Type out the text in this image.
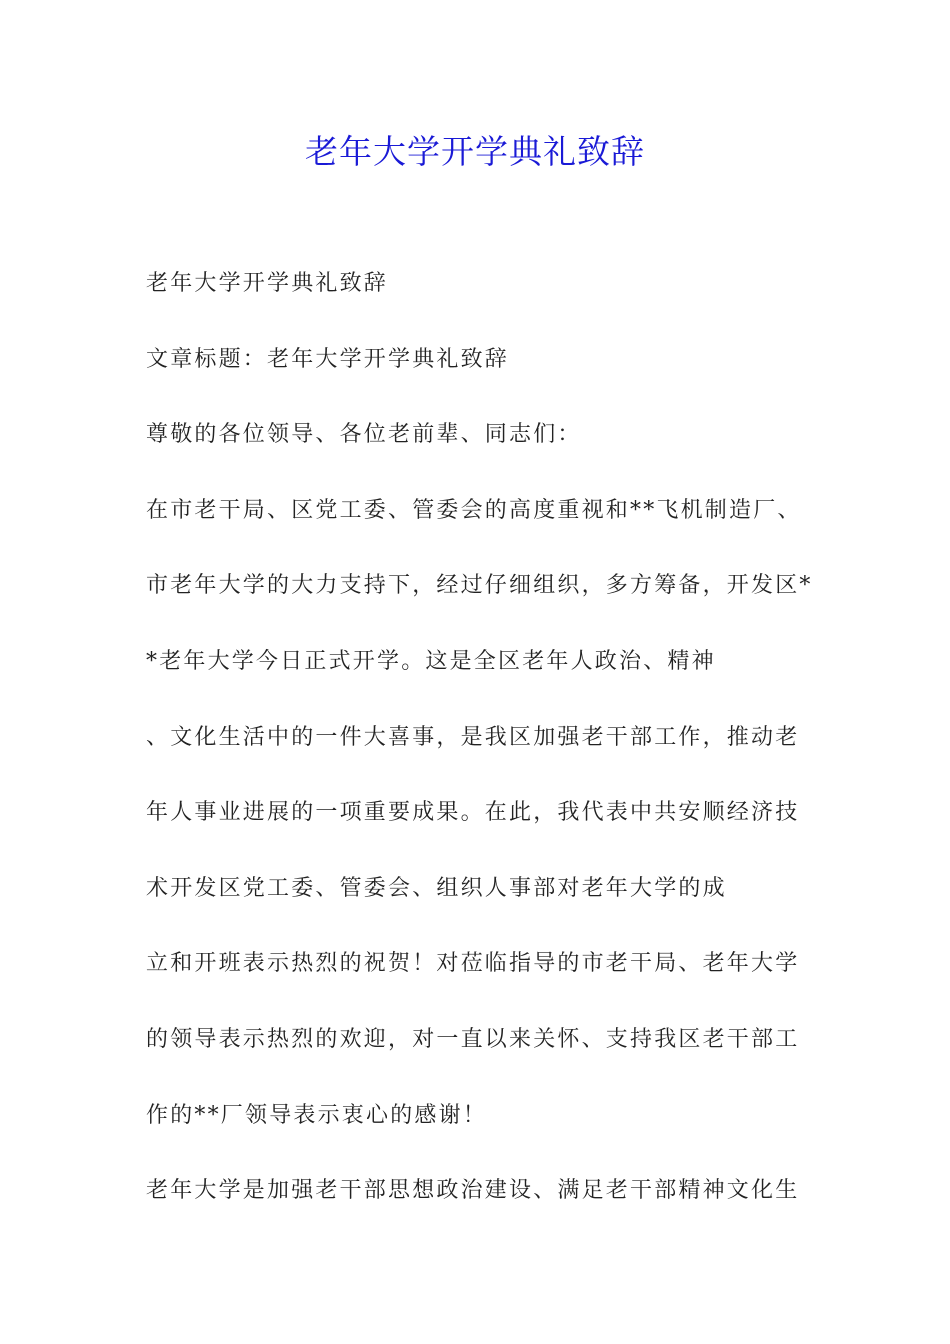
老年大学开学典礼致辞
老年大学开学典礼致辞
文章标题：老年大学开学典礼致辞
尊敬的各位领导、各位老前辈、同志们：
在市老干局、区党工委、管委会的高度重视和**飞机制造厂、
市老年大学的大力支持下，经过仔细组织，多方筹备，开发区*
*老年大学今日正式开学。这是全区老年人政治、精神
、文化生活中的一件大喜事，是我区加强老干部工作，推动老
年人事业进展的一项重要成果。在此，我代表中共安顺经济技
术开发区党工委、管委会、组织人事部对老年大学的成
立和开班表示热烈的祝贺！对莅临指导的市老干局、老年大学
的领导表示热烈的欢迎，对一直以来关怀、支持我区老干部工
作的**厂领导表示衷心的感谢！
老年大学是加强老干部思想政治建设、满足老干部精神文化生
